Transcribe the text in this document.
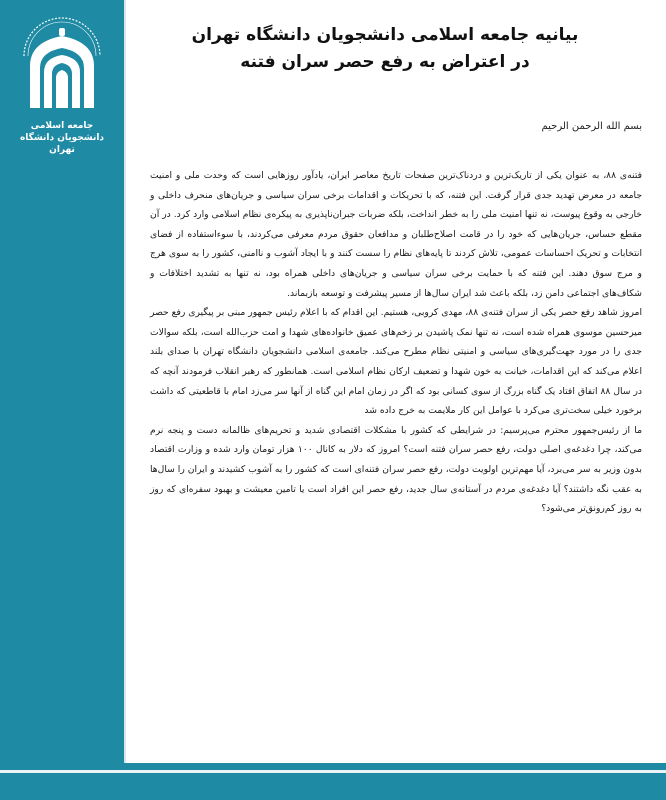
جامعه اسلامی دانشجویان دانشگاه تهران
بیانیه جامعه اسلامی دانشجویان دانشگاه تهران
در اعتراض به رفع حصر سران فتنه
بسم الله الرحمن الرحیم

فتنه‌ی ۸۸، به عنوان یکی از تاریک‌ترین و دردناک‌ترین صفحات تاریخ معاصر ایران، یادآور روزهایی است که وحدت ملی و امنیت جامعه در معرض تهدید جدی قرار گرفت. این فتنه، که با تحریکات و اقدامات برخی سران سیاسی و جریان‌های منحرف داخلی و خارجی به وقوع پیوست، نه تنها امنیت ملی را به خطر انداخت، بلکه ضربات جبران‌ناپذیری به پیکره‌ی نظام اسلامی وارد کرد. در آن مقطع حساس، جریان‌هایی که خود را در قامت اصلاح‌طلبان و مدافعان حقوق مردم معرفی می‌کردند، با سوءاستفاده از فضای انتخابات و تحریک احساسات عمومی، تلاش کردند تا پایه‌های نظام را سست کنند و با ایجاد آشوب و ناامنی، کشور را به سوی هرج و مرج سوق دهند. این فتنه که با حمایت برخی سران سیاسی و جریان‌های داخلی همراه بود، نه تنها به تشدید اختلافات و شکاف‌های اجتماعی دامن زد، بلکه باعث شد ایران سال‌ها از مسیر پیشرفت و توسعه بازبماند.

امروز شاهد رفع حصر یکی از سران فتنه‌ی ۸۸، مهدی کروبی، هستیم. این اقدام که با اعلام رئیس جمهور مبنی بر پیگیری رفع حصر میرحسین موسوی همراه شده است، نه تنها نمک پاشیدن بر زخم‌های عمیق خانواده‌های شهدا و امت حزب‌الله است، بلکه سوالات جدی را در مورد جهت‌گیری‌های سیاسی و امنیتی نظام مطرح می‌کند. جامعه‌ی اسلامی دانشجویان دانشگاه تهران با صدای بلند اعلام می‌کند که این اقدامات، خیانت به خون شهدا و تضعیف ارکان نظام اسلامی است. همانطور که رهبر انقلاب فرمودند آنچه که در سال ۸۸ اتفاق افتاد یک گناه بزرگ از سوی کسانی بود که اگر در زمان امام این گناه از آنها سر می‌زد امام با قاطعیتی که داشت برخورد خیلی سخت‌تری می‌کرد با عوامل این کار ملایمت به خرج داده شد

ما از رئیس‌جمهور محترم می‌پرسیم: در شرایطی که کشور با مشکلات اقتصادی شدید و تحریم‌های ظالمانه دست و پنجه نرم می‌کند، چرا دغدغه‌ی اصلی دولت، رفع حصر سران فتنه است؟ امروز که دلار به کانال ۱۰۰ هزار تومان وارد شده و وزارت اقتصاد بدون وزیر به سر می‌برد، آیا مهم‌ترین اولویت دولت، رفع حصر سران فتنه‌ای است که کشور را به آشوب کشیدند و ایران را سال‌ها به عقب نگه داشتند؟ آیا دغدغه‌ی مردم در آستانه‌ی سال جدید، رفع حصر این افراد است یا تامین معیشت و بهبود سفره‌ای که روز به روز کم‌رونق‌تر می‌شود؟
